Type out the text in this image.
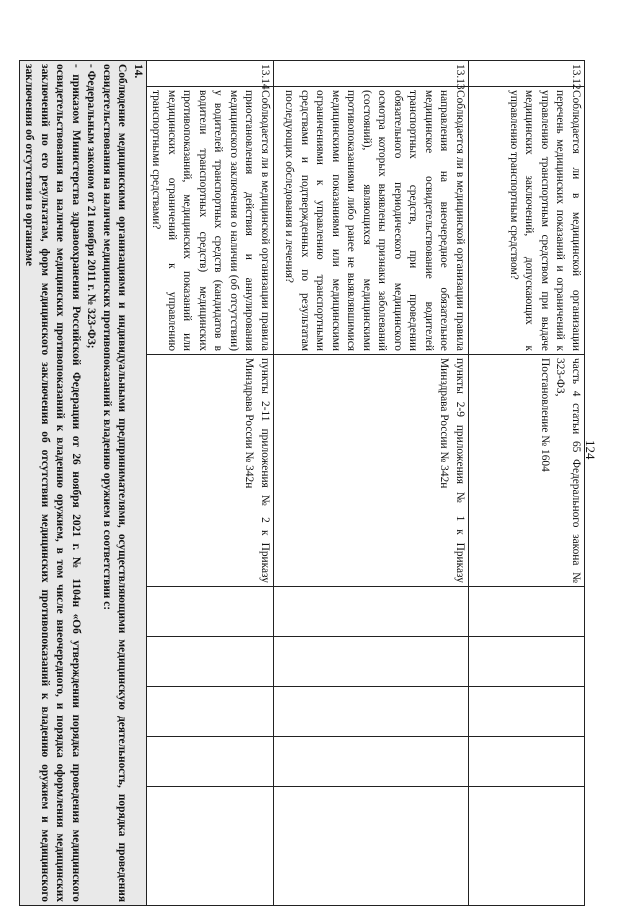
124
13.12	Соблюдается ли в медицинской организации перечень медицинских показаний и ограничений к управлению транспортным средством при выдаче медицинских заключений, допускающих к управлению транспортным средством?	часть 4 статьи 65 Федерального закона № 323-ФЗ,
Постановление № 1604					

13.13	Соблюдается ли в медицинской организации правила направления на внеочередное обязательное медицинское освидетельствование водителей транспортных средств, при проведении обязательного периодического медицинского осмотра которых выявлены признаки заболеваний (состояний), являющихся медицинскими противопоказаниями либо ранее не выявлявшимися медицинскими показаниями или медицинскими ограничениями к управлению транспортными средствами и подтвержденных по результатам последующих обследования и лечения?	пункты 2-9 приложения № 1 к Приказу Минздрава России № 342н					

13.14	Соблюдается ли в медицинской организации правила приостановления действия и аннулирования медицинского заключения о наличии (об отсутствии) у водителей транспортных средств (кандидатов в водители транспортных средств) медицинских противопоказаний, медицинских показаний или медицинских ограничений к управлению транспортными средствами?	пункты 2-11 приложения № 2 к Приказу Минздрава России № 342н					

14.
Соблюдение медицинскими организациями и индивидуальными предпринимателями, осуществляющими медицинскую деятельность, порядка проведения освидетельствования на наличие медицинских противопоказаний к владению оружием в соответствии с:
- Федеральным законом от 21 ноября 2011 г. № 323-ФЗ;
- приказом Министерства здравоохранения Российской Федерации от 26 ноября 2021 г. № 1104н «Об утверждении порядка проведения медицинского освидетельствования на наличие медицинских противопоказаний к владению оружием, в том числе внеочередного, и порядка оформления медицинских заключений по его результатам, форм медицинского заключения об отсутствии медицинских противопоказаний к владению оружием и медицинского заключения об отсутствии в организме							
